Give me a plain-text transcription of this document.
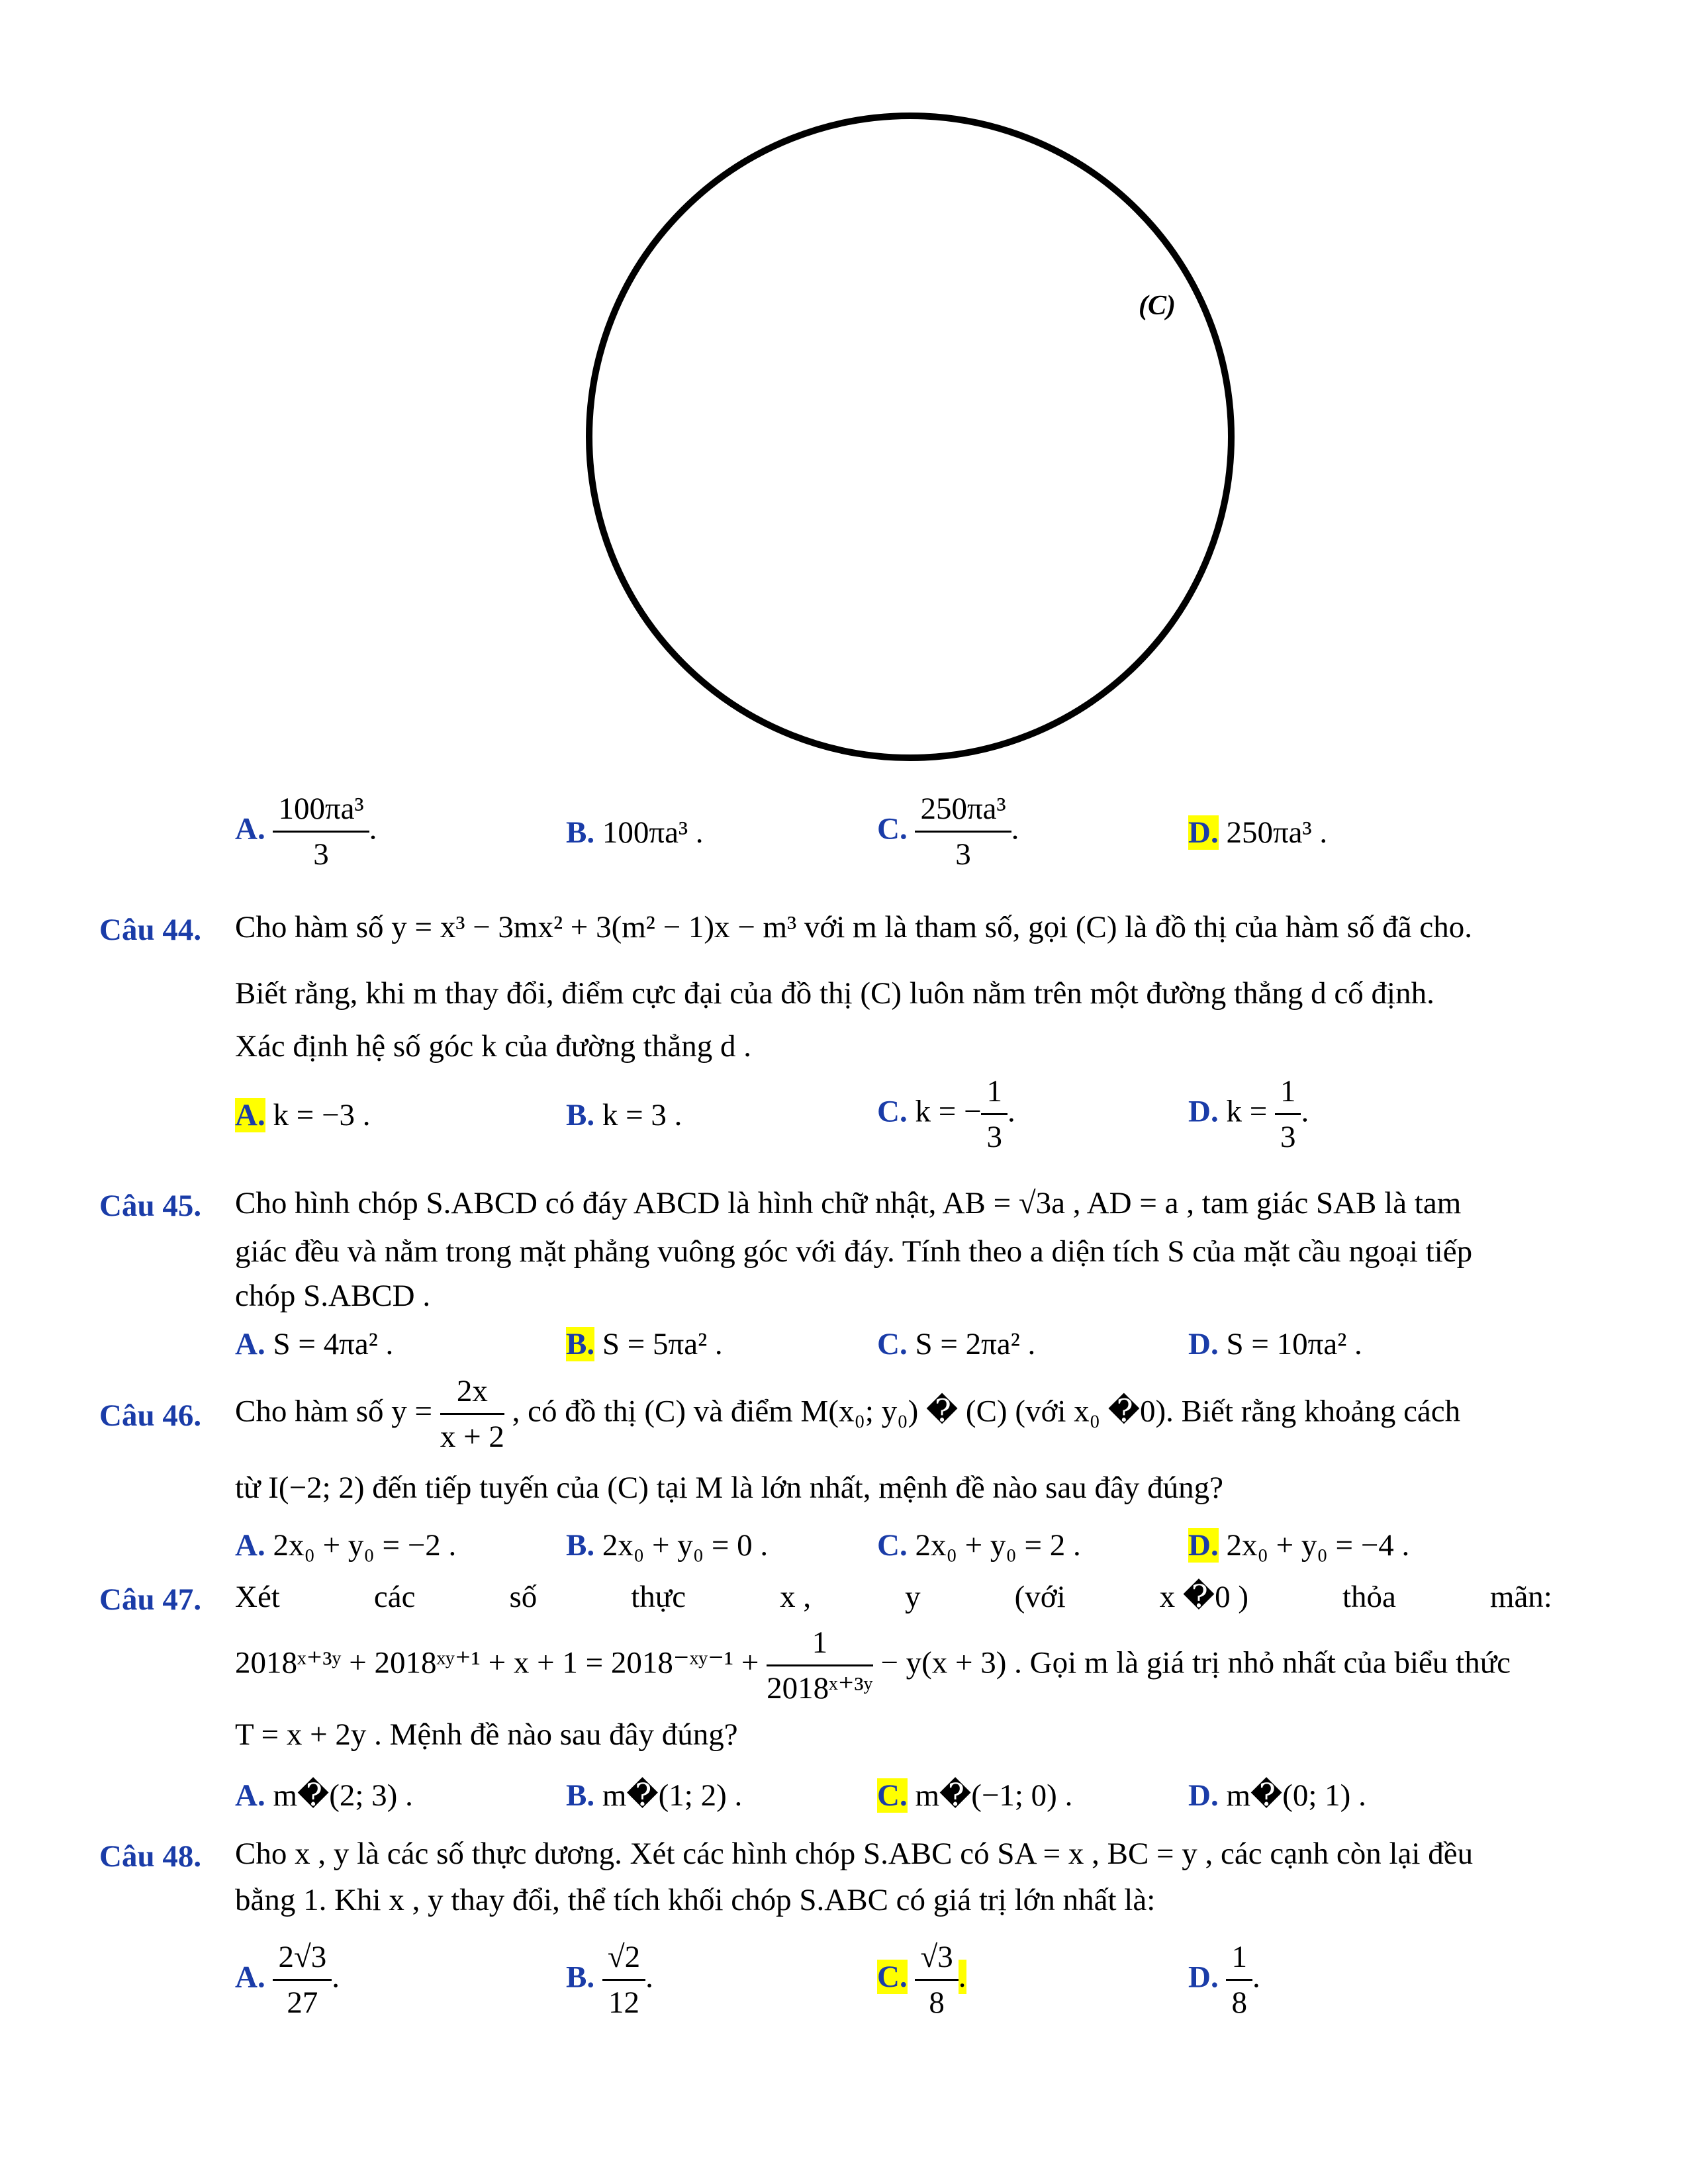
(C)
A. $\frac{\text{100πa³}}{3}$ .	B. 100πa³ .	C. $\frac{\text{250πa³}}{3}$ .	D. 250πa³ .
Câu 44. Cho hàm số y = x³ − 3mx² + 3(m² − 1)x − m³ với m là tham số, gọi (C) là đồ thị của hàm số đã cho.
Biết rằng, khi m thay đổi, điểm cực đại của đồ thị (C) luôn nằm trên một đường thẳng d cố định.
Xác định hệ số góc k của đường thẳng d .
A. k = −3 .	B. k = 3 .	C. k = − $\frac{1}{3}$ .	D. $k = \frac{1}{3}$ .
Câu 45. Cho hình chóp S.ABCD có đáy ABCD là hình chữ nhật, AB = √3a , AD = a , tam giác SAB là tam
giác đều và nằm trong mặt phẳng vuông góc với đáy. Tính theo a diện tích S của mặt cầu ngoại tiếp
chóp S.ABCD .
A. S = 4πa² .	B. S = 5πa² .	C. S = 2πa² .	D. S = 10πa² .
Câu 46. Cho hàm số $y = \frac{2x}{x + 2}$ , có đồ thị (C) và điểm M(x₀; y₀) � (C) (với x₀ �0). Biết rằng khoảng cách
từ I(−2; 2) đến tiếp tuyến của (C) tại M là lớn nhất, mệnh đề nào sau đây đúng?
A. 2x₀ + y₀ = −2 .	B. 2x₀ + y₀ = 0 .	C. 2x₀ + y₀ = 2 .	D. 2x₀ + y₀ = −4 .
Câu 47. Xét	các	số	thực	x ,	y	(với	x �0 )	thỏa	mãn:
2018ˣ⁺³ʸ + 2018ˣʸ⁺¹ + x + 1 = 2018⁻ˣʸ⁻¹ + $\frac{1}{\text{2018ˣ⁺³ʸ}} - y(x + 3)$ . Gọi m là giá trị nhỏ nhất của biểu thức
T = x + 2y . Mệnh đề nào sau đây đúng?
A. m�(2; 3) .	B. m�(1; 2) .	C. m�(−1; 0) .	D. m�(0; 1) .
Câu 48. Cho x , y là các số thực dương. Xét các hình chóp S.ABC có SA = x , BC = y , các cạnh còn lại đều
bằng 1. Khi x , y thay đổi, thể tích khối chóp S.ABC có giá trị lớn nhất là:
A. $\frac{2√3}{27}$ .	B. $\frac{√2}{12}$ .	C. $\frac{√3}{8}$ .	D. $\frac{1}{8}$ .
